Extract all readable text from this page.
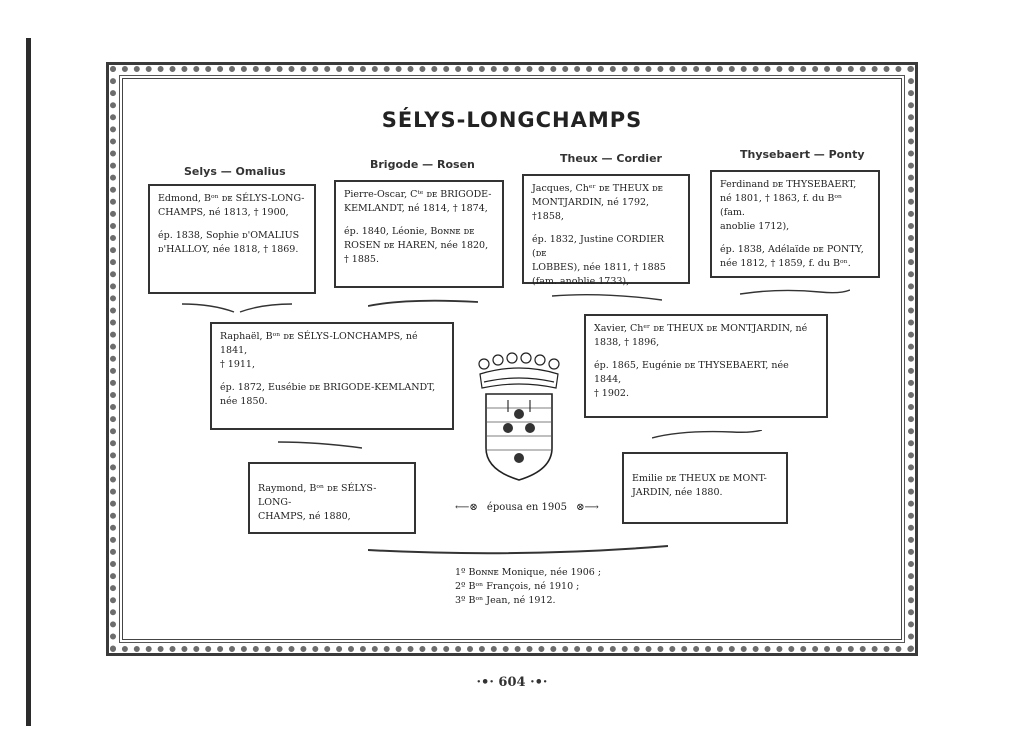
SÉLYS-LONGCHAMPS
Selys — Omalius
Brigode — Rosen	Theux — Cordier	Thysebaert — Ponty

Edmond, Bᵒⁿ ᴅᴇ SÉLYS-LONG-
CHAMPS, né 1813, † 1900,

ép. 1838, Sophie ᴅ'OMALIUS
ᴅ'HALLOY, née 1818, † 1869.

Pierre-Oscar, Cᵗᵉ ᴅᴇ BRIGODE-
KEMLANDT, né 1814, † 1874,

ép. 1840, Léonie, Bᴏɴɴᴇ ᴅᴇ
ROSEN ᴅᴇ HAREN, née 1820,
† 1885.

Jacques, Chᵉʳ ᴅᴇ THEUX ᴅᴇ
MONTJARDIN, né 1792, †1858,

ép. 1832, Justine CORDIER (ᴅᴇ
LOBBES), née 1811, † 1885
(fam. anoblie 1733),

Ferdinand ᴅᴇ THYSEBAERT,
né 1801, † 1863, f. du Bᵒⁿ (fam.
anoblie 1712),

ép. 1838, Adélaïde ᴅᴇ PONTY,
née 1812, † 1859, f. du Bᵒⁿ.

Raphaël, Bᵒⁿ ᴅᴇ SÉLYS-LONCHAMPS, né 1841,
† 1911,

ép. 1872, Eusébie ᴅᴇ BRIGODE-KEMLANDT,
née 1850.

Xavier, Chᵉʳ ᴅᴇ THEUX ᴅᴇ MONTJARDIN, né
1838, † 1896,

ép. 1865, Eugénie ᴅᴇ THYSEBAERT, née 1844,
† 1902.

Raymond, Bᵒⁿ ᴅᴇ SÉLYS-LONG-
CHAMPS, né 1880,

Emilie ᴅᴇ THEUX ᴅᴇ MONT-
JARDIN, née 1880.

⟵⊗ épousa en 1905 ⊗⟶
1º Bᴏɴɴᴇ Monique, née 1906 ;
2º Bᵒⁿ François, né 1910 ;
3º Bᵒⁿ Jean, né 1912.
·•· 604 ·•·
